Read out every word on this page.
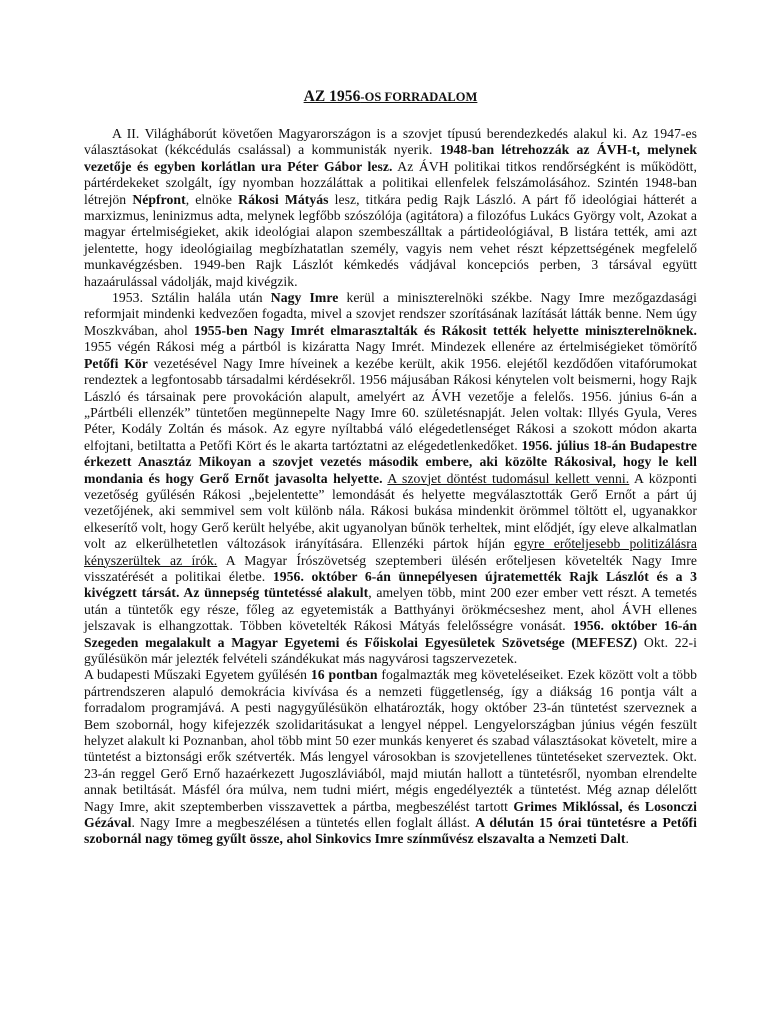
AZ 1956-OS FORRADALOM

A II. Világháborút követően Magyarországon is a szovjet típusú berendezkedés alakul ki. Az 1947-es választásokat (kékcédulás csalással) a kommunisták nyerik. 1948-ban létrehozzák az ÁVH-t, melynek vezetője és egyben korlátlan ura Péter Gábor lesz. Az ÁVH politikai titkos rendőrségként is működött, pártérdekeket szolgált, így nyomban hozzáláttak a politikai ellenfelek felszámolásához. Szintén 1948-ban létrejön Népfront, elnöke Rákosi Mátyás lesz, titkára pedig Rajk László. A párt fő ideológiai hátterét a marxizmus, leninizmus adta, melynek legfőbb szószólója (agitátora) a filozófus Lukács György volt, Azokat a magyar értelmiségieket, akik ideológiai alapon szembeszálltak a pártideológiával, B listára tették, ami azt jelentette, hogy ideológiailag megbízhatatlan személy, vagyis nem vehet részt képzettségének megfelelő munkavégzésben. 1949-ben Rajk Lászlót kémkedés vádjával koncepciós perben, 3 társával együtt hazaárulással vádolják, majd kivégzik.

1953. Sztálin halála után Nagy Imre kerül a miniszterelnöki székbe. Nagy Imre mezőgazdasági reformjait mindenki kedvezően fogadta, mivel a szovjet rendszer szorításának lazítását látták benne. Nem úgy Moszkvában, ahol 1955-ben Nagy Imrét elmarasztalták és Rákosit tették helyette miniszterelnöknek. 1955 végén Rákosi még a pártból is kizáratta Nagy Imrét. Mindezek ellenére az értelmiségieket tömörítő Petőfi Kör vezetésével Nagy Imre híveinek a kezébe került, akik 1956. elejétől kezdődően vitafórumokat rendeztek a legfontosabb társadalmi kérdésekről. 1956 májusában Rákosi kénytelen volt beismerni, hogy Rajk László és társainak pere provokáción alapult, amelyért az ÁVH vezetője a felelős. 1956. június 6-án a „Pártbéli ellenzék” tüntetően megünnepelte Nagy Imre 60. születésnapját. Jelen voltak: Illyés Gyula, Veres Péter, Kodály Zoltán és mások. Az egyre nyíltabbá váló elégedetlenséget Rákosi a szokott módon akarta elfojtani, betiltatta a Petőfi Kört és le akarta tartóztatni az elégedetlenkedőket. 1956. július 18-án Budapestre érkezett Anasztáz Mikoyan a szovjet vezetés második embere, aki közölte Rákosival, hogy le kell mondania és hogy Gerő Ernőt javasolta helyette. A szovjet döntést tudomásul kellett venni. A központi vezetőség gyűlésén Rákosi „bejelentette” lemondását és helyette megválasztották Gerő Ernőt a párt új vezetőjének, aki semmivel sem volt különb nála. Rákosi bukása mindenkit örömmel töltött el, ugyanakkor elkeserítő volt, hogy Gerő került helyébe, akit ugyanolyan bűnök terheltek, mint elődjét, így eleve alkalmatlan volt az elkerülhetetlen változások irányítására. Ellenzéki pártok híján egyre erőteljesebb politizálásra kényszerültek az írók. A Magyar Írószövetség szeptemberi ülésén erőteljesen követelték Nagy Imre visszatérését a politikai életbe. 1956. október 6-án ünnepélyesen újratemették Rajk Lászlót és a 3 kivégzett társát. Az ünnepség tüntetéssé alakult, amelyen több, mint 200 ezer ember vett részt. A temetés után a tüntetők egy része, főleg az egyetemisták a Batthyányi örökmécseshez ment, ahol ÁVH ellenes jelszavak is elhangzottak. Többen követelték Rákosi Mátyás felelősségre vonását. 1956. október 16-án Szegeden megalakult a Magyar Egyetemi és Főiskolai Egyesületek Szövetsége (MEFESZ) Okt. 22-i gyűlésükön már jelezték felvételi szándékukat más nagyvárosi tagszervezetek.

A budapesti Műszaki Egyetem gyűlésén 16 pontban fogalmazták meg követeléseiket. Ezek között volt a több pártrendszeren alapuló demokrácia kivívása és a nemzeti függetlenség, így a diákság 16 pontja vált a forradalom programjává. A pesti nagygyűlésükön elhatározták, hogy október 23-án tüntetést szerveznek a Bem szobornál, hogy kifejezzék szolidaritásukat a lengyel néppel. Lengyelországban június végén feszült helyzet alakult ki Poznanban, ahol több mint 50 ezer munkás kenyeret és szabad választásokat követelt, mire a tüntetést a biztonsági erők szétverték. Más lengyel városokban is szovjetellenes tüntetéseket szerveztek. Okt. 23-án reggel Gerő Ernő hazaérkezett Jugoszláviából, majd miután hallott a tüntetésről, nyomban elrendelte annak betiltását. Másfél óra múlva, nem tudni miért, mégis engedélyezték a tüntetést. Még aznap délelőtt Nagy Imre, akit szeptemberben visszavettek a pártba, megbeszélést tartott Grimes Miklóssal, és Losonczi Gézával. Nagy Imre a megbeszélésen a tüntetés ellen foglalt állást. A délután 15 órai tüntetésre a Petőfi szobornál nagy tömeg gyűlt össze, ahol Sinkovics Imre színművész elszavalta a Nemzeti Dalt.
